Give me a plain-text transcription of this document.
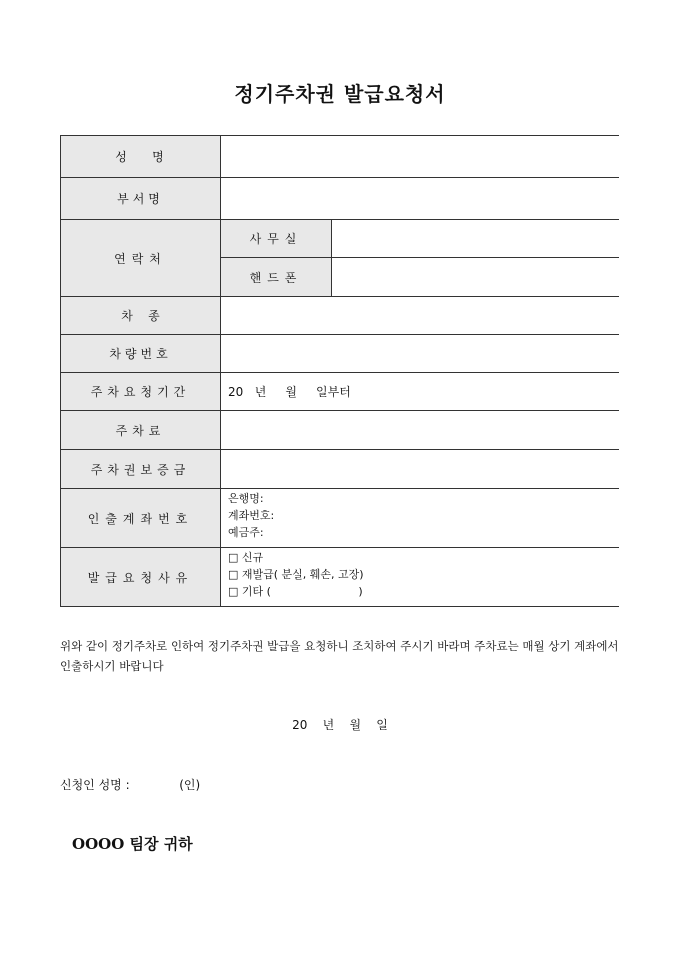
정기주차권 발급요청서
성    명
부서명
연락처
사무실
핸드폰
차    종
차량번호
주차요청기간	20   년     월     일부터
주차료
주차권보증금
인출계좌번호
은행명:
계좌번호:
예금주:
발급요청사유
□ 신규
□ 재발급( 분실, 훼손, 고장)
□ 기타 (                         )
위와 같이 정기주차로 인하여 정기주차권 발급을 요청하니 조치하여 주시기 바라며 주차료는 매월 상기 계좌에서 인출하시기 바랍니다
20    년    월    일
신청인 성명 :             (인)
OOOO 팀장 귀하
